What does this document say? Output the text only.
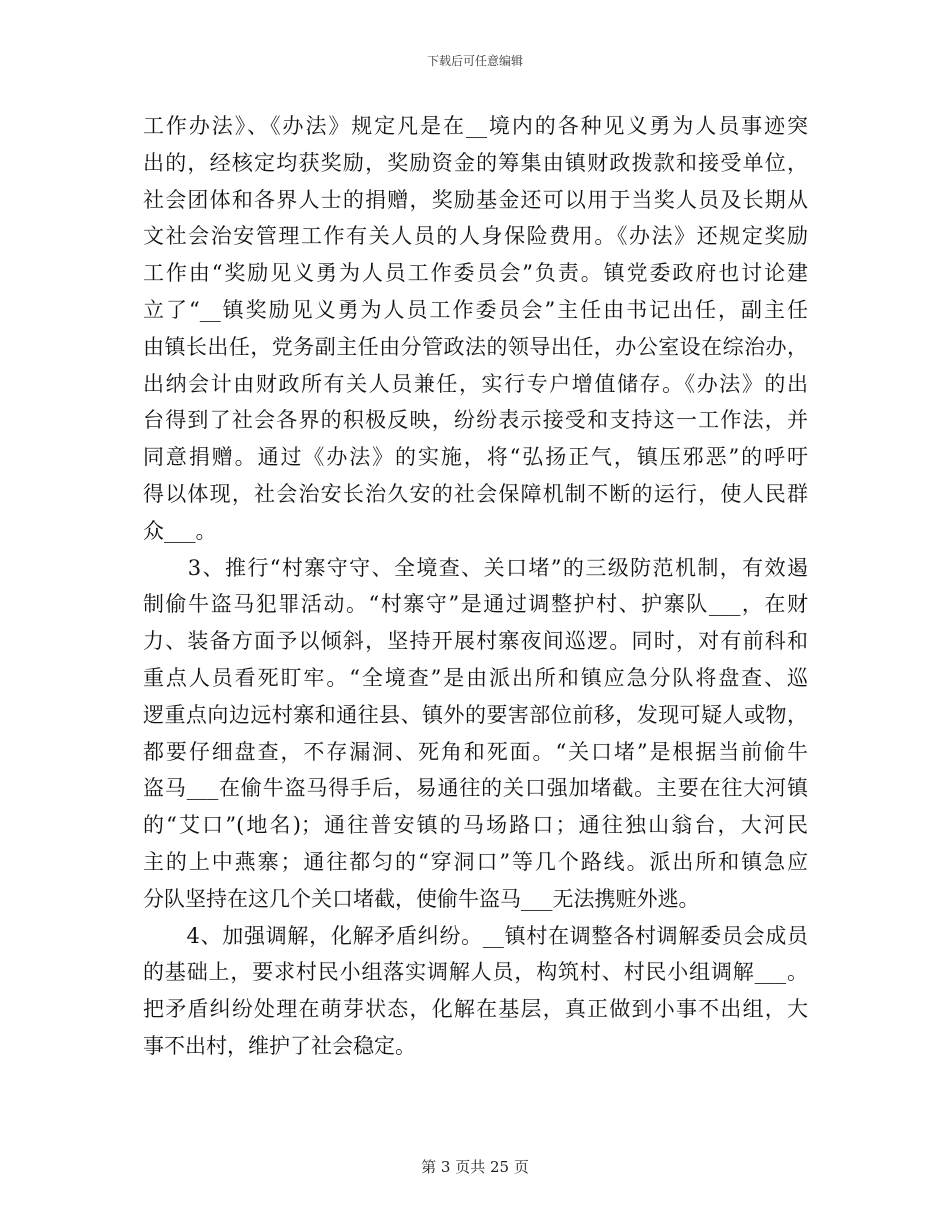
下载后可任意编辑
工作办法》、《办法》规定凡是在__境内的各种见义勇为人员事迹突
出的，经核定均获奖励，奖励资金的筹集由镇财政拨款和接受单位，
社会团体和各界人士的捐赠，奖励基金还可以用于当奖人员及长期从
文社会治安管理工作有关人员的人身保险费用。《办法》还规定奖励
工作由“奖励见义勇为人员工作委员会”负责。镇党委政府也讨论建
立了“__镇奖励见义勇为人员工作委员会”主任由书记出任，副主任
由镇长出任，党务副主任由分管政法的领导出任，办公室设在综治办，
出纳会计由财政所有关人员兼任，实行专户增值储存。《办法》的出
台得到了社会各界的积极反映，纷纷表示接受和支持这一工作法，并
同意捐赠。通过《办法》的实施，将“弘扬正气，镇压邪恶”的呼吁
得以体现，社会治安长治久安的社会保障机制不断的运行，使人民群
众___。
　　3、推行“村寨守守、全境查、关口堵”的三级防范机制，有效遏
制偷牛盗马犯罪活动。“村寨守”是通过调整护村、护寨队___，在财
力、装备方面予以倾斜，坚持开展村寨夜间巡逻。同时，对有前科和
重点人员看死盯牢。“全境查”是由派出所和镇应急分队将盘查、巡
逻重点向边远村寨和通往县、镇外的要害部位前移，发现可疑人或物，
都要仔细盘查，不存漏洞、死角和死面。“关口堵”是根据当前偷牛
盗马___在偷牛盗马得手后，易通往的关口强加堵截。主要在往大河镇
的“艾口”(地名)；通往普安镇的马场路口；通往独山翁台，大河民
主的上中燕寨；通往都匀的“穿洞口”等几个路线。派出所和镇急应
分队坚持在这几个关口堵截，使偷牛盗马___无法携赃外逃。
　　4、加强调解，化解矛盾纠纷。__镇村在调整各村调解委员会成员
的基础上，要求村民小组落实调解人员，构筑村、村民小组调解___。
把矛盾纠纷处理在萌芽状态，化解在基层，真正做到小事不出组，大
事不出村，维护了社会稳定。
第 3 页共 25 页
